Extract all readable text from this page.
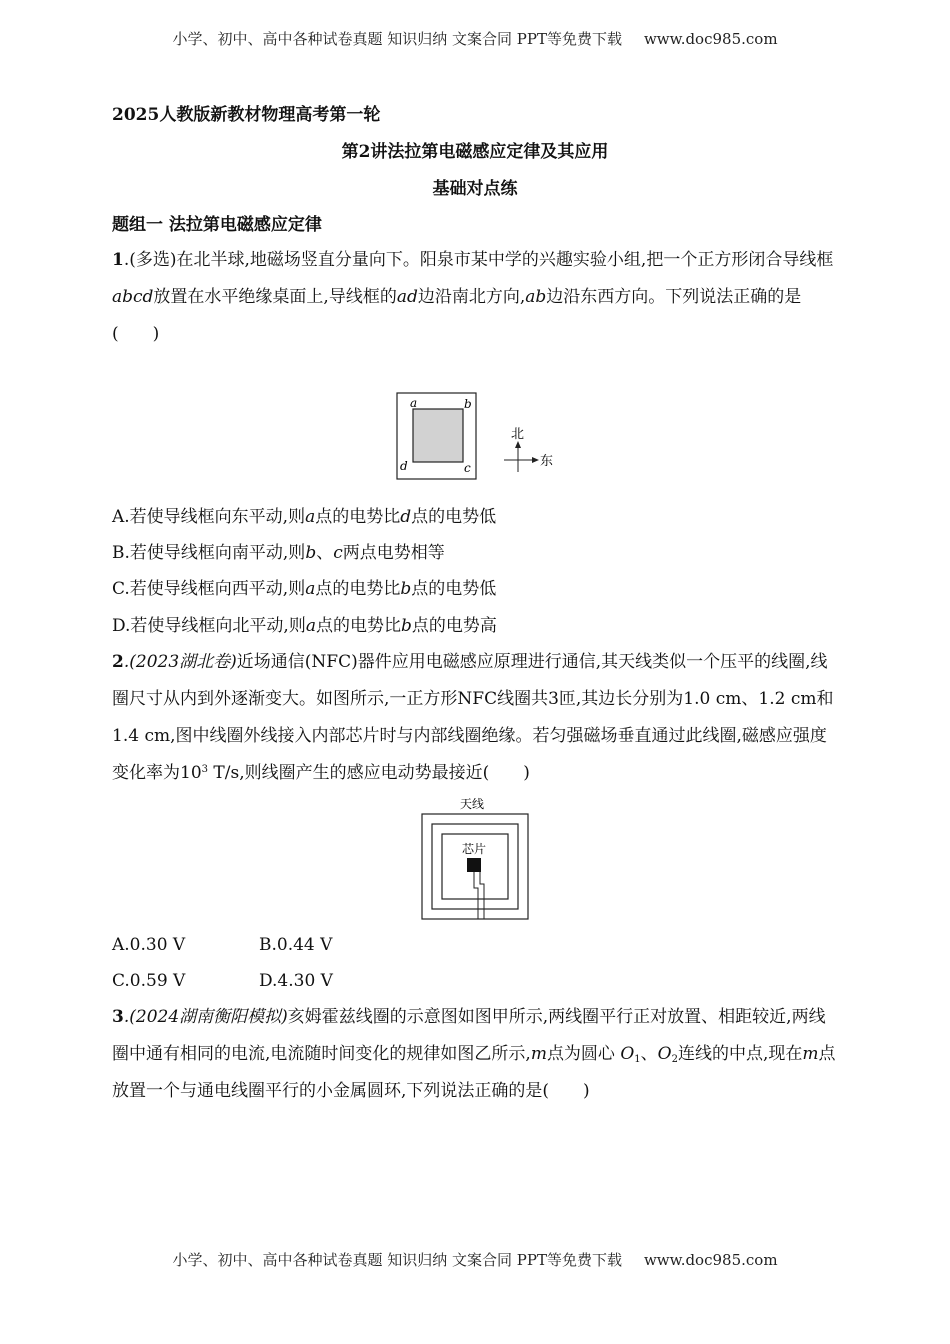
小学、初中、高中各种试卷真题 知识归纳 文案合同 PPT等免费下载 www.doc985.com
2025人教版新教材物理高考第一轮
第2讲法拉第电磁感应定律及其应用
基础对点练
题组一 法拉第电磁感应定律
1.(多选)在北半球,地磁场竖直分量向下。阳泉市某中学的兴趣实验小组,把一个正方形闭合导线框abcd放置在水平绝缘桌面上,导线框的ad边沿南北方向,ab边沿东西方向。下列说法正确的是　(　　)
a	b
c
d
北
东
A.若使导线框向东平动,则a点的电势比d点的电势低
B.若使导线框向南平动,则b、c两点电势相等
C.若使导线框向西平动,则a点的电势比b点的电势低
D.若使导线框向北平动,则a点的电势比b点的电势高
2.(2023湖北卷)近场通信(NFC)器件应用电磁感应原理进行通信,其天线类似一个压平的线圈,线圈尺寸从内到外逐渐变大。如图所示,一正方形NFC线圈共3匝,其边长分别为1.0 cm、1.2 cm和1.4 cm,图中线圈外线接入内部芯片时与内部线圈绝缘。若匀强磁场垂直通过此线圈,磁感应强度变化率为$10^3$ T/s,则线圈产生的感应电动势最接近(　　)
天线
芯片
A.0.30 V	B.0.44 V
C.0.59 V	D.4.30 V
3.(2024湖南衡阳模拟)亥姆霍兹线圈的示意图如图甲所示,两线圈平行正对放置、相距较近,两线圈中通有相同的电流,电流随时间变化的规律如图乙所示,m点为圆心 $O_1$、$O_2$连线的中点,现在m点放置一个与通电线圈平行的小金属圆环,下列说法正确的是(　　)
小学、初中、高中各种试卷真题 知识归纳 文案合同 PPT等免费下载 www.doc985.com
